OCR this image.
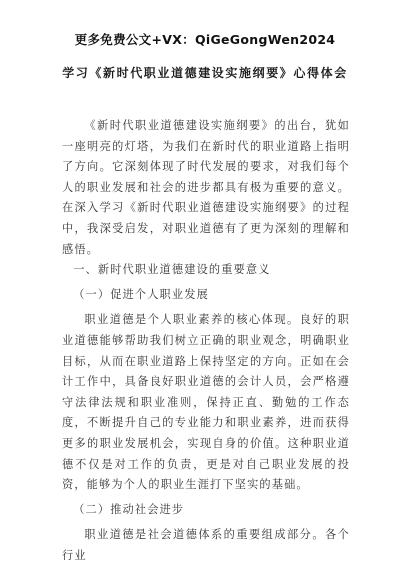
更多免费公文+VX：QiGeGongWen2024
学习《新时代职业道德建设实施纲要》心得体会

《新时代职业道德建设实施纲要》的出台，犹如一座明亮的灯塔，为我们在新时代的职业道路上指明了方向。它深刻体现了时代发展的要求，对我们每个人的职业发展和社会的进步都具有极为重要的意义。在深入学习《新时代职业道德建设实施纲要》的过程中，我深受启发，对职业道德有了更为深刻的理解和感悟。

一、新时代职业道德建设的重要意义

（一）促进个人职业发展

职业道德是个人职业素养的核心体现。良好的职业道德能够帮助我们树立正确的职业观念，明确职业目标，从而在职业道路上保持坚定的方向。正如在会计工作中，具备良好职业道德的会计人员，会严格遵守法律法规和职业准则，保持正直、勤勉的工作态度，不断提升自己的专业能力和职业素养，进而获得更多的职业发展机会，实现自身的价值。这种职业道德不仅是对工作的负责，更是对自己职业发展的投资，能够为个人的职业生涯打下坚实的基础。

（二）推动社会进步

职业道德是社会道德体系的重要组成部分。各个行业
